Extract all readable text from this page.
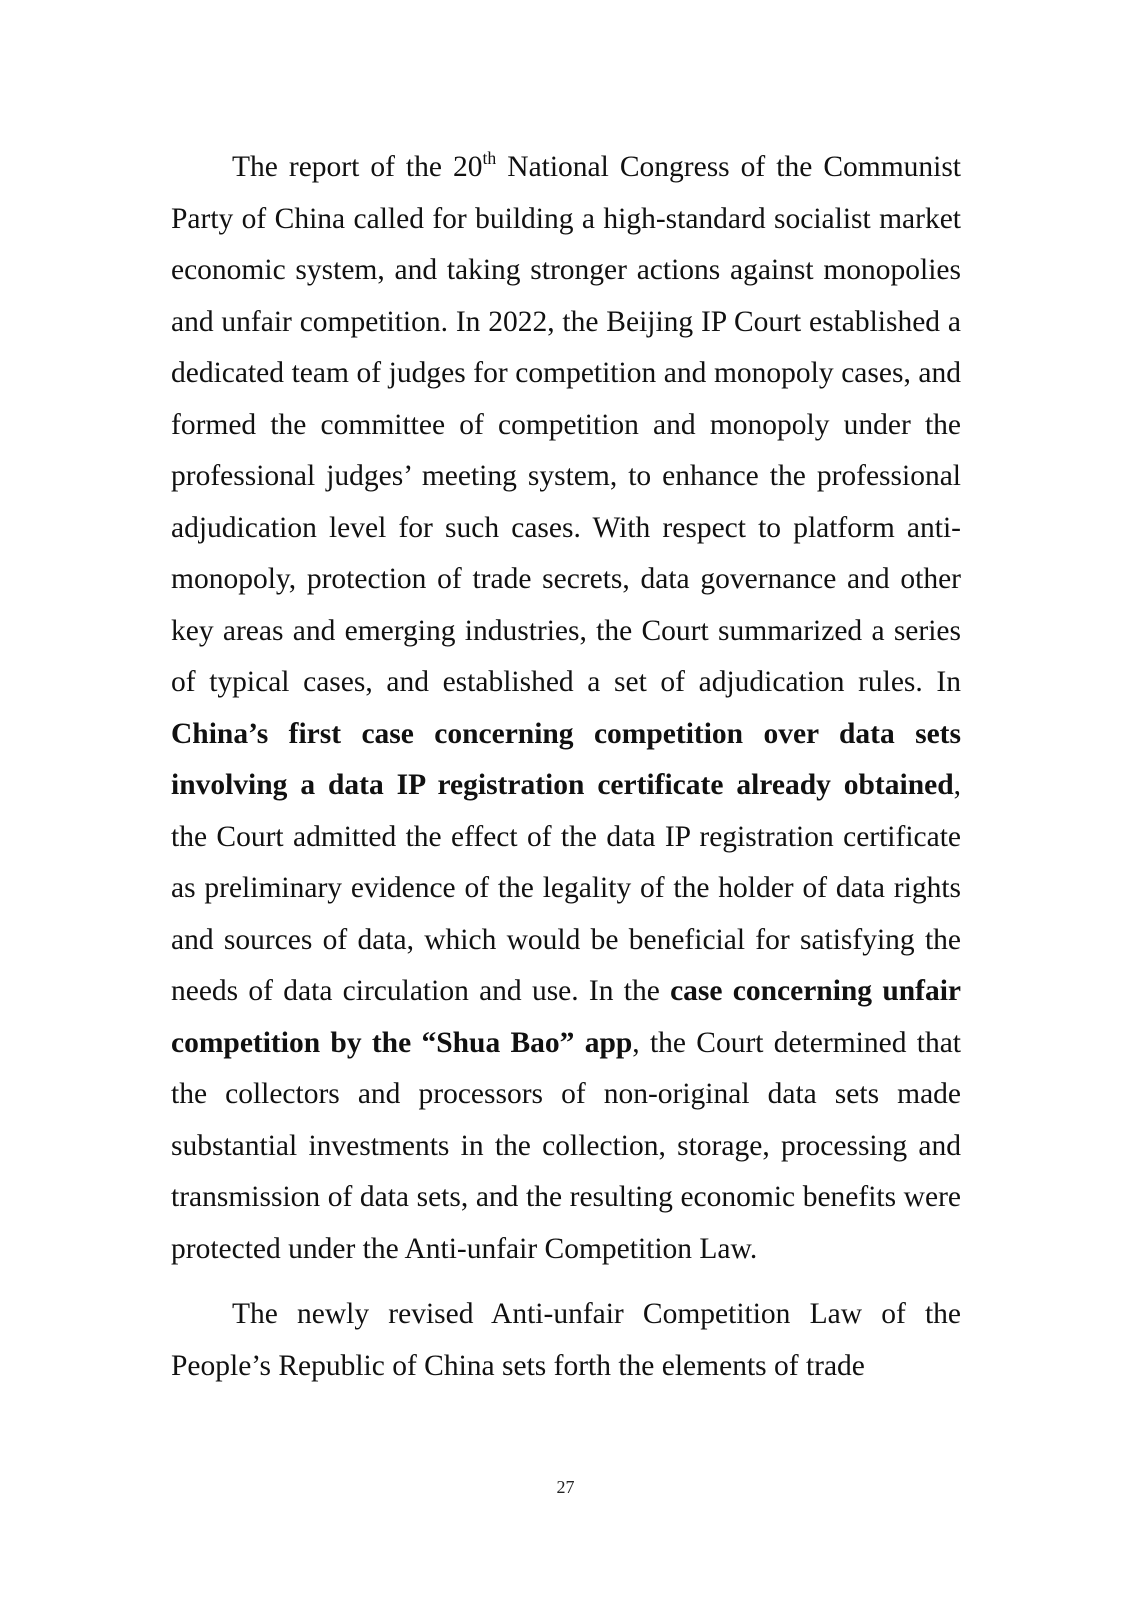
The report of the 20th National Congress of the Communist Party of China called for building a high-standard socialist market economic system, and taking stronger actions against monopolies and unfair competition. In 2022, the Beijing IP Court established a dedicated team of judges for competition and monopoly cases, and formed the committee of competition and monopoly under the professional judges’ meeting system, to enhance the professional adjudication level for such cases. With respect to platform anti-monopoly, protection of trade secrets, data governance and other key areas and emerging industries, the Court summarized a series of typical cases, and established a set of adjudication rules. In China’s first case concerning competition over data sets involving a data IP registration certificate already obtained, the Court admitted the effect of the data IP registration certificate as preliminary evidence of the legality of the holder of data rights and sources of data, which would be beneficial for satisfying the needs of data circulation and use. In the case concerning unfair competition by the “Shua Bao” app, the Court determined that the collectors and processors of non-original data sets made substantial investments in the collection, storage, processing and transmission of data sets, and the resulting economic benefits were protected under the Anti-unfair Competition Law.

The newly revised Anti-unfair Competition Law of the People’s Republic of China sets forth the elements of trade

27
